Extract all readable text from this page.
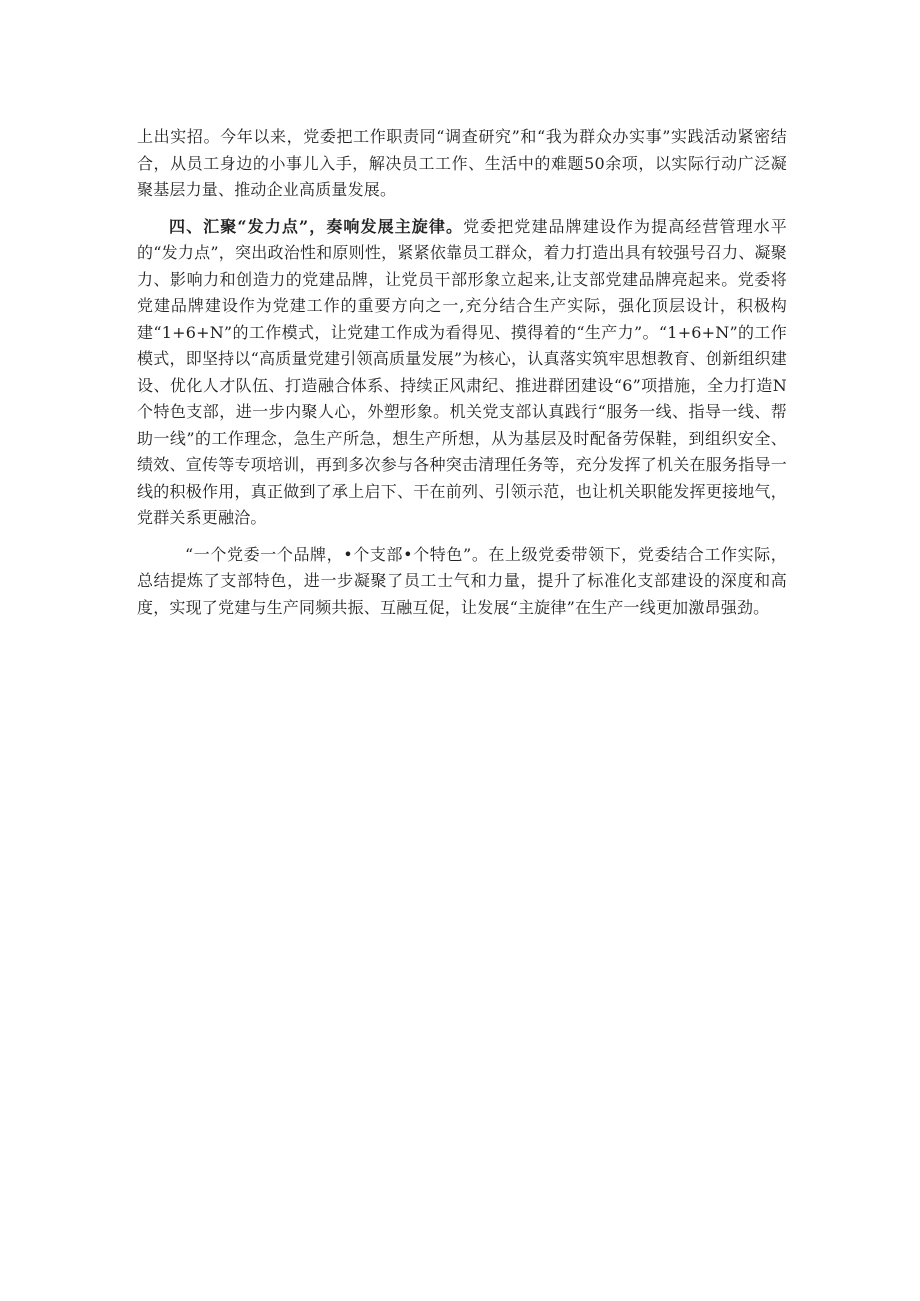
上出实招。今年以来，党委把工作职责同“调查研究”和“我为群众办实事”实践活动紧密结合，从员工身边的小事儿入手，解决员工工作、生活中的难题50余项，以实际行动广泛凝聚基层力量、推动企业高质量发展。

四、汇聚“发力点”，奏响发展主旋律。党委把党建品牌建设作为提高经营管理水平的“发力点”，突出政治性和原则性，紧紧依靠员工群众，着力打造出具有较强号召力、凝聚力、影响力和创造力的党建品牌，让党员干部形象立起来,让支部党建品牌亮起来。党委将党建品牌建设作为党建工作的重要方向之一,充分结合生产实际，强化顶层设计，积极构建“1+6+N”的工作模式，让党建工作成为看得见、摸得着的“生产力”。“1+6+N”的工作模式，即坚持以“高质量党建引领高质量发展”为核心，认真落实筑牢思想教育、创新组织建设、优化人才队伍、打造融合体系、持续正风肃纪、推进群团建设“6”项措施，全力打造N个特色支部，进一步内聚人心，外塑形象。机关党支部认真践行“服务一线、指导一线、帮助一线”的工作理念，急生产所急，想生产所想，从为基层及时配备劳保鞋，到组织安全、绩效、宣传等专项培训，再到多次参与各种突击清理任务等，充分发挥了机关在服务指导一线的积极作用，真正做到了承上启下、干在前列、引领示范，也让机关职能发挥更接地气，党群关系更融洽。

“一个党委一个品牌，•个支部•个特色”。在上级党委带领下，党委结合工作实际，总结提炼了支部特色，进一步凝聚了员工士气和力量，提升了标准化支部建设的深度和高度，实现了党建与生产同频共振、互融互促，让发展“主旋律”在生产一线更加激昂强劲。
